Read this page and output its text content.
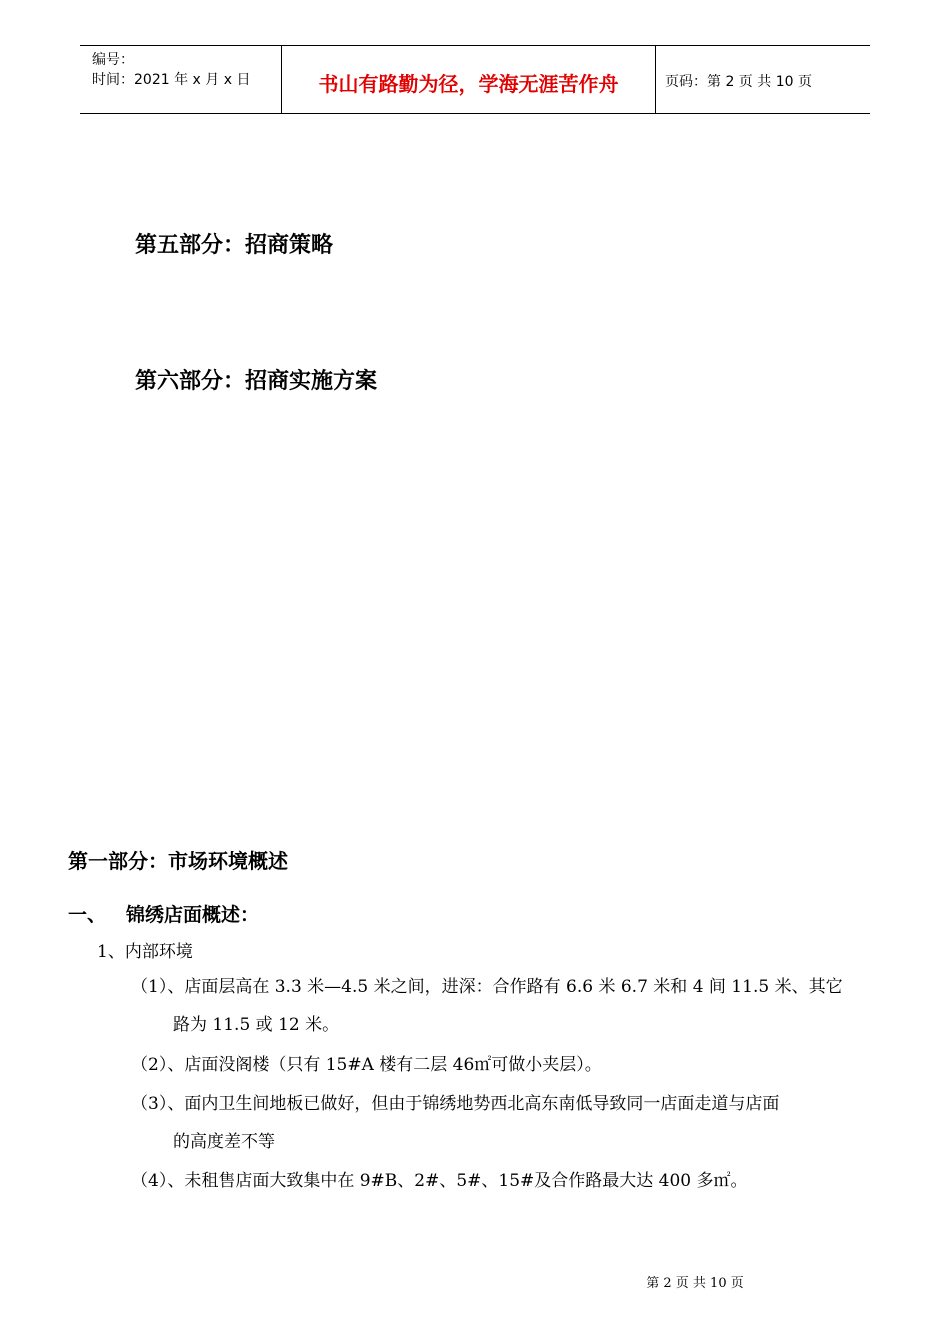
编号：
时间：2021 年 x 月 x 日	书山有路勤为径，学海无涯苦作舟	页码：第 2 页 共 10 页
第五部分：招商策略
第六部分：招商实施方案
第一部分：市场环境概述
一、 锦绣店面概述：
1、内部环境
（1）、店面层高在 3.3 米—4.5 米之间，进深：合作路有 6.6 米 6.7 米和 4 间 11.5 米、其它
路为 11.5 或 12 米。
（2）、店面没阁楼（只有 15#A 楼有二层 46㎡可做小夹层）。
（3）、面内卫生间地板已做好，但由于锦绣地势西北高东南低导致同一店面走道与店面
的高度差不等
（4）、未租售店面大致集中在 9#B、2#、5#、15#及合作路最大达 400 多㎡。
第 2 页 共 10 页
